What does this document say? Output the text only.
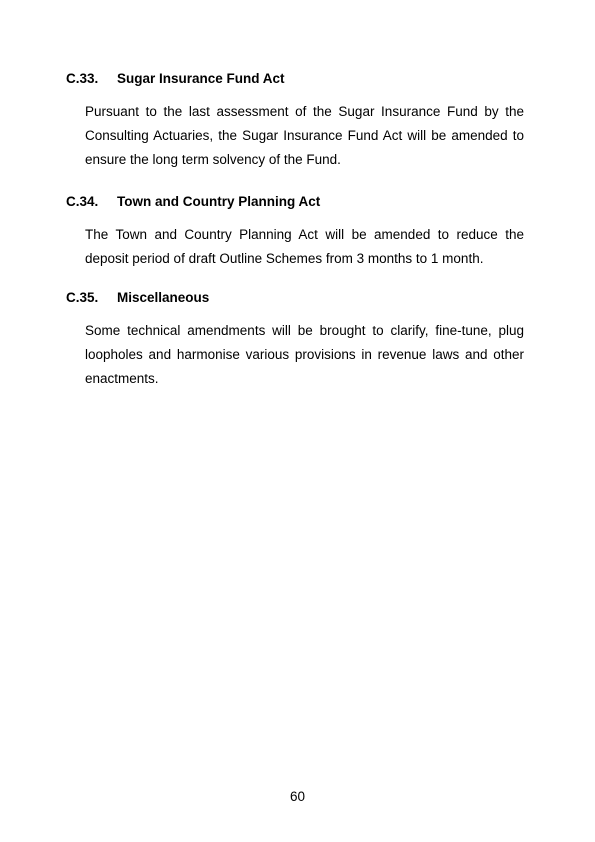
C.33.	Sugar Insurance Fund Act
Pursuant to the last assessment of the Sugar Insurance Fund by the Consulting Actuaries, the Sugar Insurance Fund Act will be amended to ensure the long term solvency of the Fund.
C.34.	Town and Country Planning Act
The Town and Country Planning Act will be amended to reduce the deposit period of draft Outline Schemes from 3 months to 1 month.
C.35.	Miscellaneous
Some technical amendments will be brought to clarify, fine-tune, plug loopholes and harmonise various provisions in revenue laws and other enactments.
60
